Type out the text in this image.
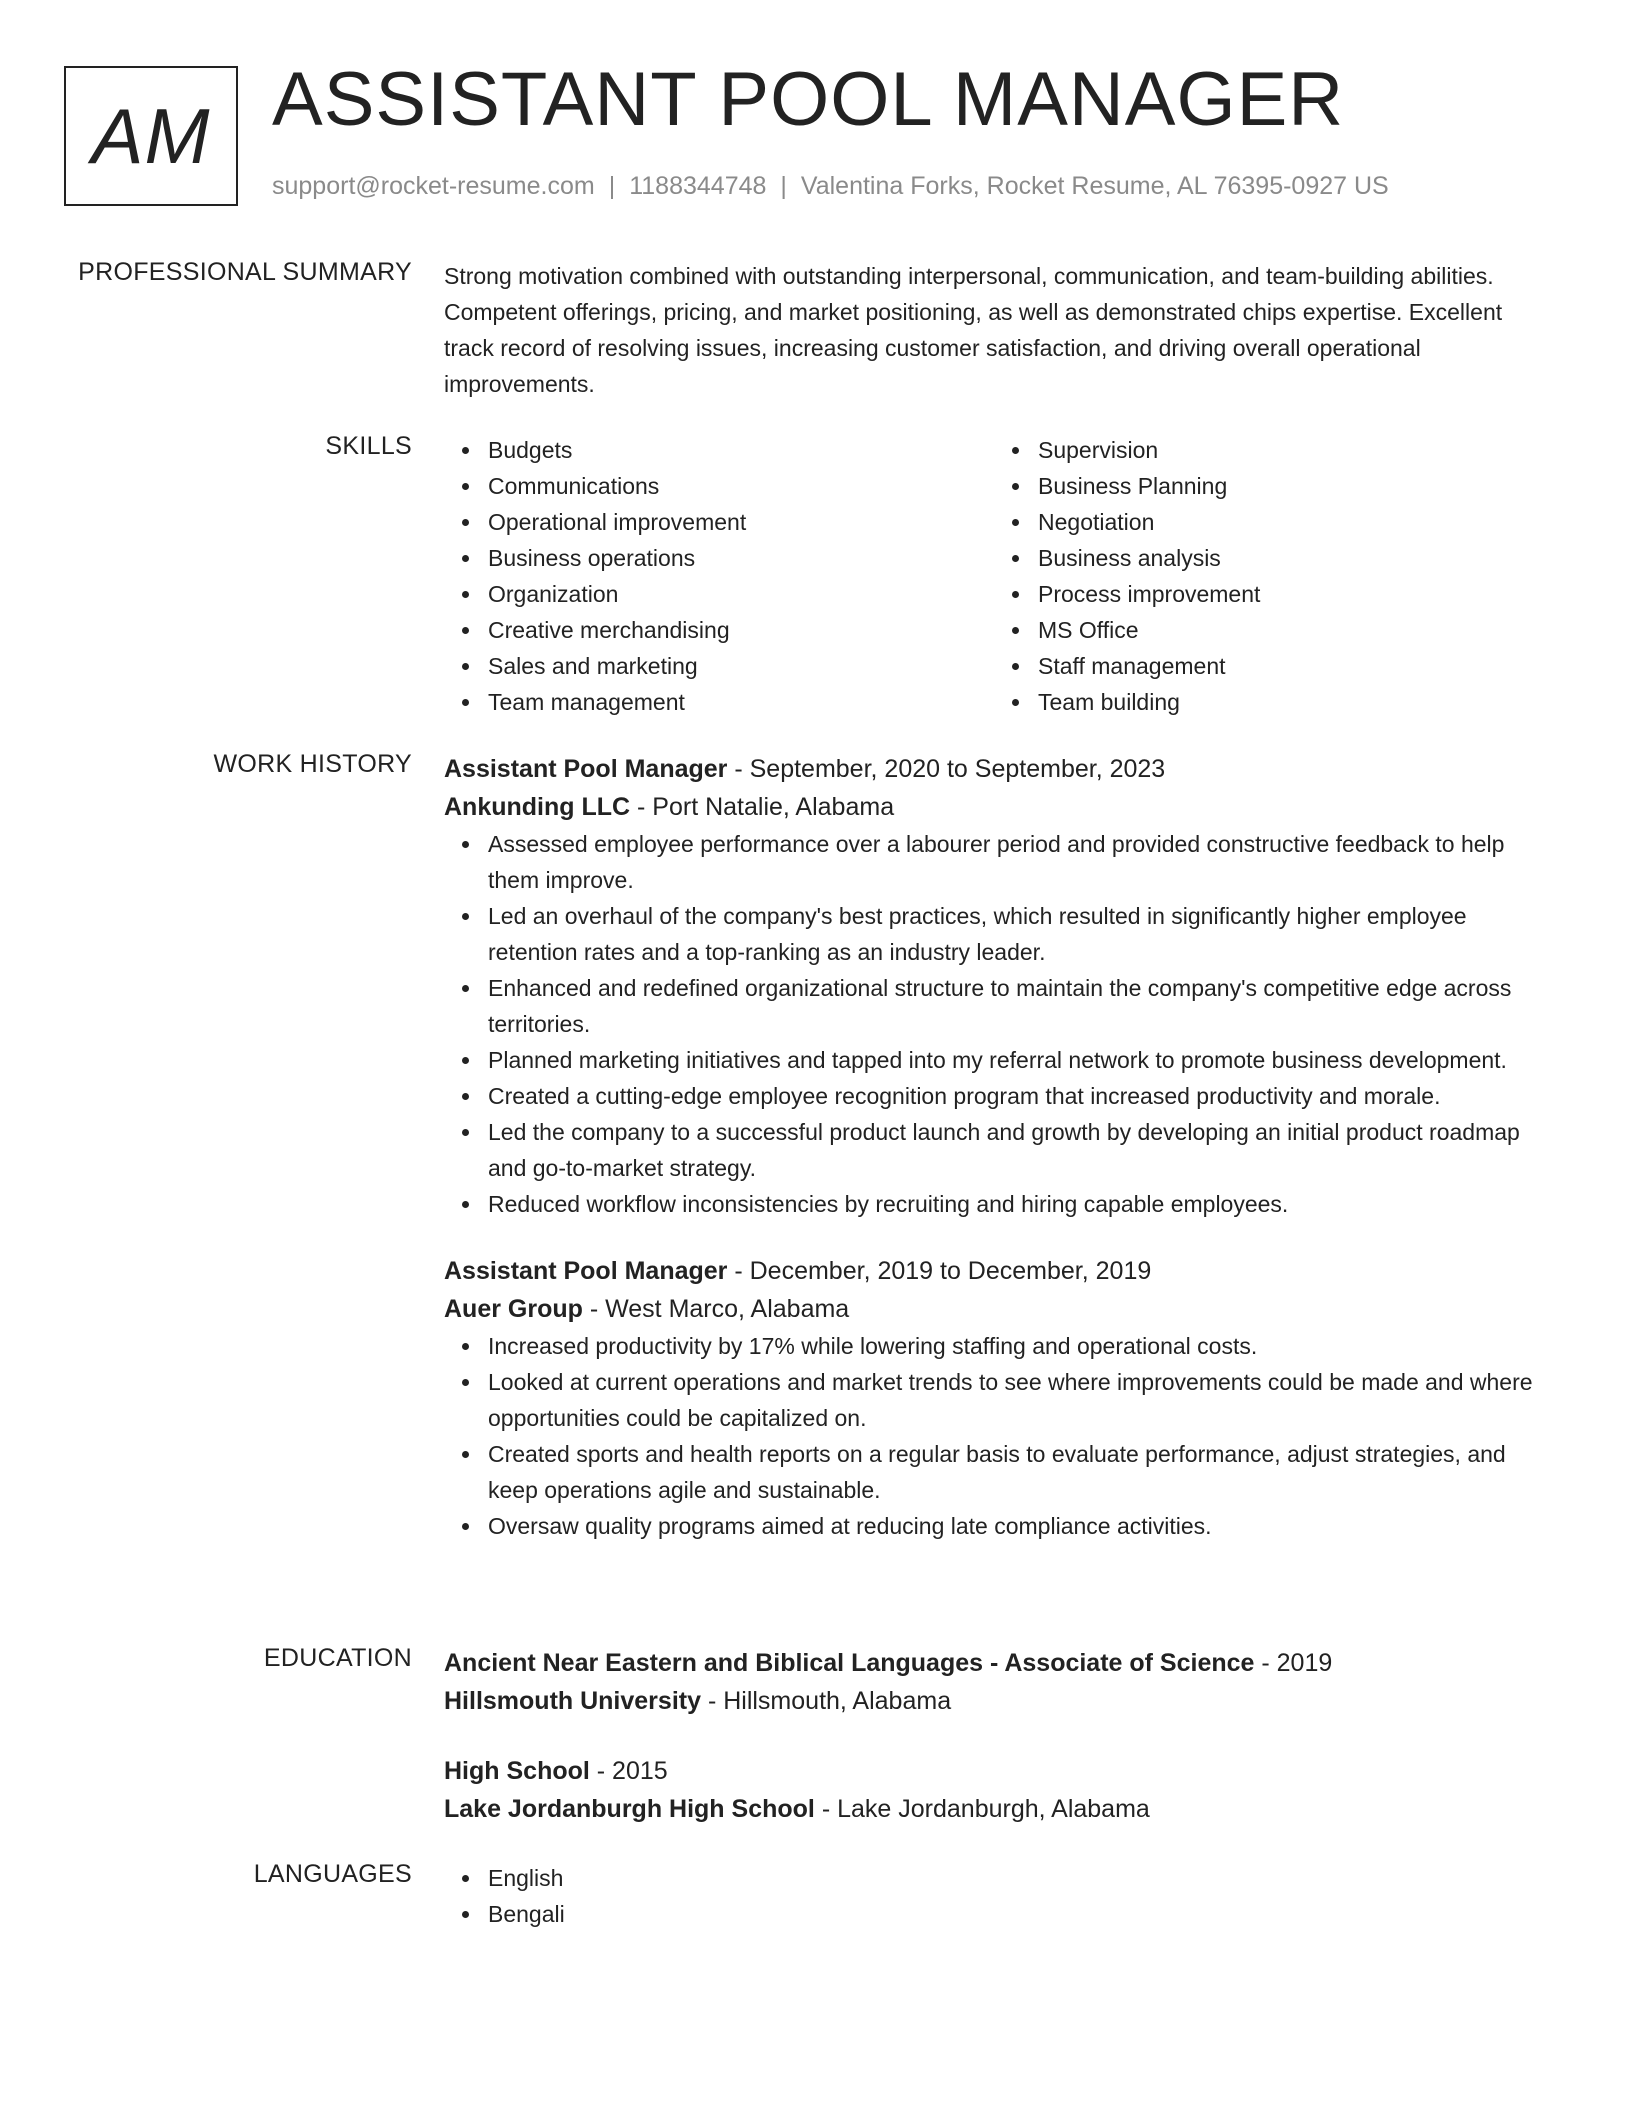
AM ASSISTANT POOL MANAGER
support@rocket-resume.com | 1188344748 | Valentina Forks, Rocket Resume, AL 76395-0927 US
PROFESSIONAL SUMMARY Strong motivation combined with outstanding interpersonal, communication, and team-building abilities. Competent offerings, pricing, and market positioning, as well as demonstrated chips expertise. Excellent track record of resolving issues, increasing customer satisfaction, and driving overall operational improvements.
SKILLS	Budgets
Communications
Operational improvement
Business operations
Organization
Creative merchandising
Sales and marketing
Team management
Supervision
Business Planning
Negotiation
Business analysis
Process improvement
MS Office
Staff management
Team building
WORK HISTORY Assistant Pool Manager - September, 2020 to September, 2023
Ankunding LLC - Port Natalie, Alabama
Assessed employee performance over a labourer period and provided constructive feedback to help them improve.
Led an overhaul of the company's best practices, which resulted in significantly higher employee retention rates and a top-ranking as an industry leader.
Enhanced and redefined organizational structure to maintain the company's competitive edge across territories.
Planned marketing initiatives and tapped into my referral network to promote business development.
Created a cutting-edge employee recognition program that increased productivity and morale.
Led the company to a successful product launch and growth by developing an initial product roadmap and go-to-market strategy.
Reduced workflow inconsistencies by recruiting and hiring capable employees.
Assistant Pool Manager - December, 2019 to December, 2019
Auer Group - West Marco, Alabama
Increased productivity by 17% while lowering staffing and operational costs.
Looked at current operations and market trends to see where improvements could be made and where opportunities could be capitalized on.
Created sports and health reports on a regular basis to evaluate performance, adjust strategies, and keep operations agile and sustainable.
Oversaw quality programs aimed at reducing late compliance activities.
EDUCATION Ancient Near Eastern and Biblical Languages - Associate of Science - 2019
Hillsmouth University - Hillsmouth, Alabama
High School - 2015
Lake Jordanburgh High School - Lake Jordanburgh, Alabama
LANGUAGES	English
Bengali
